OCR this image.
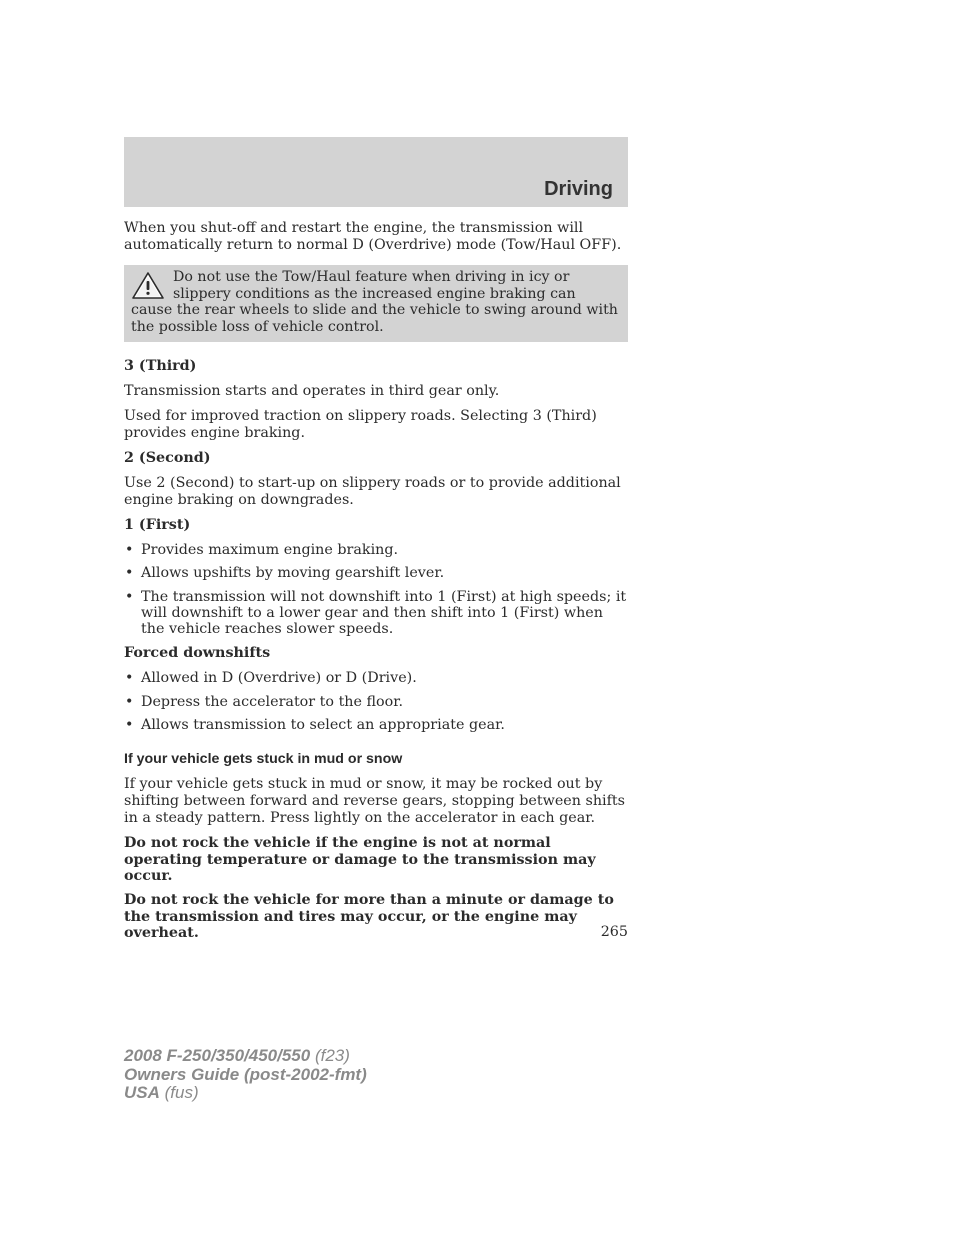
Driving

When you shut-off and restart the engine, the transmission will automatically return to normal D (Overdrive) mode (Tow/Haul OFF).

Do not use the Tow/Haul feature when driving in icy or slippery conditions as the increased engine braking can cause the rear wheels to slide and the vehicle to swing around with the possible loss of vehicle control.

3 (Third)

Transmission starts and operates in third gear only.

Used for improved traction on slippery roads. Selecting 3 (Third) provides engine braking.

2 (Second)

Use 2 (Second) to start-up on slippery roads or to provide additional engine braking on downgrades.

1 (First)

• Provides maximum engine braking.
• Allows upshifts by moving gearshift lever.
• The transmission will not downshift into 1 (First) at high speeds; it will downshift to a lower gear and then shift into 1 (First) when the vehicle reaches slower speeds.

Forced downshifts

• Allowed in D (Overdrive) or D (Drive).
• Depress the accelerator to the floor.
• Allows transmission to select an appropriate gear.

If your vehicle gets stuck in mud or snow

If your vehicle gets stuck in mud or snow, it may be rocked out by shifting between forward and reverse gears, stopping between shifts in a steady pattern. Press lightly on the accelerator in each gear.

Do not rock the vehicle if the engine is not at normal operating temperature or damage to the transmission may occur.

Do not rock the vehicle for more than a minute or damage to the transmission and tires may occur, or the engine may overheat.	265
2008 F-250/350/450/550 (f23)
Owners Guide (post-2002-fmt)
USA (fus)
